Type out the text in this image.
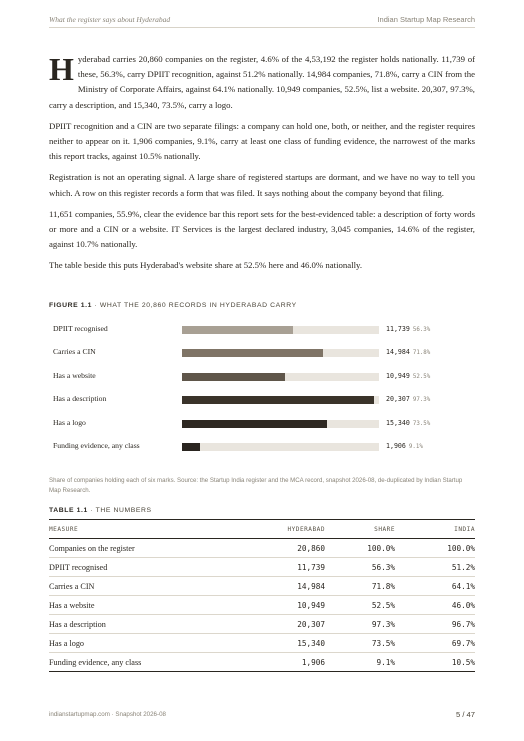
What the register says about Hyderabad	Indian Startup Map Research

Hyderabad carries 20,860 companies on the register, 4.6% of the 4,53,192 the register holds nationally. 11,739 of these, 56.3%, carry DPIIT recognition, against 51.2% nationally. 14,984 companies, 71.8%, carry a CIN from the Ministry of Corporate Affairs, against 64.1% nationally. 10,949 companies, 52.5%, list a website. 20,307, 97.3%, carry a description, and 15,340, 73.5%, carry a logo.

DPIIT recognition and a CIN are two separate filings: a company can hold one, both, or neither, and the register requires neither to appear on it. 1,906 companies, 9.1%, carry at least one class of funding evidence, the narrowest of the marks this report tracks, against 10.5% nationally.

Registration is not an operating signal. A large share of registered startups are dormant, and we have no way to tell you which. A row on this register records a form that was filed. It says nothing about the company beyond that filing.

11,651 companies, 55.9%, clear the evidence bar this report sets for the best-evidenced table: a description of forty words or more and a CIN or a website. IT Services is the largest declared industry, 3,045 companies, 14.6% of the register, against 10.7% nationally.

The table beside this puts Hyderabad's website share at 52.5% here and 46.0% nationally.

FIGURE 1.1 · WHAT THE 20,860 RECORDS IN HYDERABAD CARRY
DPIIT recognised	11,739 56.3%
Carries a CIN	14,984 71.8%
Has a website	10,949 52.5%
Has a description	20,307 97.3%
Has a logo	15,340 73.5%
Funding evidence, any class	1,906 9.1%
Share of companies holding each of six marks. Source: the Startup India register and the MCA record, snapshot 2026-08, de-duplicated by Indian Startup Map Research.
TABLE 1.1 · THE NUMBERS
MEASURE	HYDERABAD	SHARE	INDIA
Companies on the register	20,860	100.0%	100.0%
DPIIT recognised	11,739	56.3%	51.2%
Carries a CIN	14,984	71.8%	64.1%
Has a website	10,949	52.5%	46.0%
Has a description	20,307	97.3%	96.7%
Has a logo	15,340	73.5%	69.7%
Funding evidence, any class	1,906	9.1%	10.5%
indianstartupmap.com · Snapshot 2026-08	5 / 47
